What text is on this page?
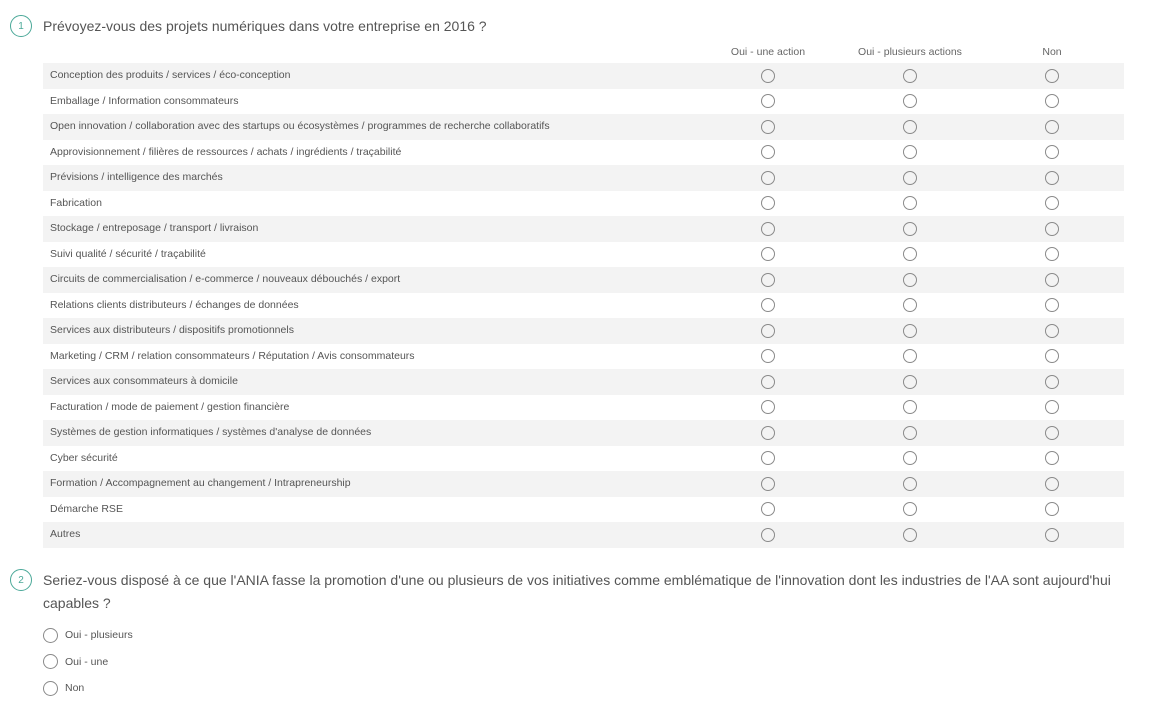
1	Prévoyez-vous des projets numériques dans votre entreprise en 2016 ?
Oui - une action	Oui - plusieurs actions	Non
Conception des produits / services / éco-conception
Emballage / Information consommateurs
Open innovation / collaboration avec des startups ou écosystèmes / programmes de recherche collaboratifs
Approvisionnement / filières de ressources / achats / ingrédients / traçabilité
Prévisions / intelligence des marchés
Fabrication
Stockage / entreposage / transport / livraison
Suivi qualité / sécurité / traçabilité
Circuits de commercialisation / e-commerce / nouveaux débouchés / export
Relations clients distributeurs / échanges de données
Services aux distributeurs / dispositifs promotionnels
Marketing / CRM / relation consommateurs / Réputation / Avis consommateurs
Services aux consommateurs à domicile
Facturation / mode de paiement / gestion financière
Systèmes de gestion informatiques / systèmes d'analyse de données
Cyber sécurité
Formation / Accompagnement au changement / Intrapreneurship
Démarche RSE
Autres
2	Seriez-vous disposé à ce que l'ANIA fasse la promotion d'une ou plusieurs de vos initiatives comme emblématique de l'innovation dont les industries de l'AA sont aujourd'hui capables ?
Oui - plusieurs
Oui - une
Non
